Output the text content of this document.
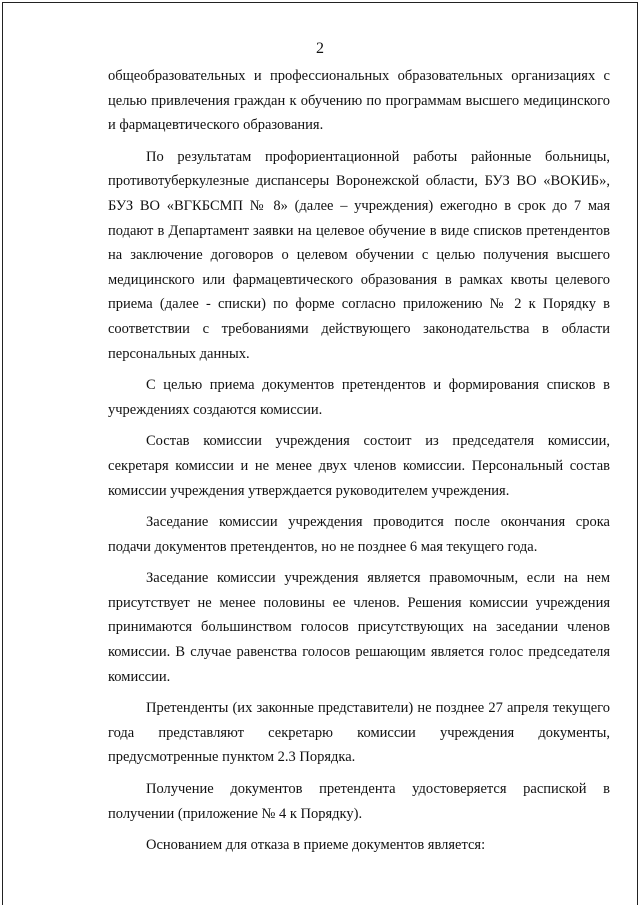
2

общеобразовательных и профессиональных образовательных организациях с целью привлечения граждан к обучению по программам высшего медицинского и фармацевтического образования.

По результатам профориентационной работы районные больницы, противотуберкулезные диспансеры Воронежской области, БУЗ ВО «ВОКИБ», БУЗ ВО «ВГКБСМП № 8» (далее – учреждения) ежегодно в срок до 7 мая подают в Департамент заявки на целевое обучение в виде списков претендентов на заключение договоров о целевом обучении с целью получения высшего медицинского или фармацевтического образования в рамках квоты целевого приема (далее - списки) по форме согласно приложению № 2 к Порядку в соответствии с требованиями действующего законодательства в области персональных данных.

С целью приема документов претендентов и формирования списков в учреждениях создаются комиссии.

Состав комиссии учреждения состоит из председателя комиссии, секретаря комиссии и не менее двух членов комиссии. Персональный состав комиссии учреждения утверждается руководителем учреждения.

Заседание комиссии учреждения проводится после окончания срока подачи документов претендентов, но не позднее 6 мая текущего года.

Заседание комиссии учреждения является правомочным, если на нем присутствует не менее половины ее членов. Решения комиссии учреждения принимаются большинством голосов присутствующих на заседании членов комиссии. В случае равенства голосов решающим является голос председателя комиссии.

Претенденты (их законные представители) не позднее 27 апреля текущего года представляют секретарю комиссии учреждения документы, предусмотренные пунктом 2.3 Порядка.

Получение документов претендента удостоверяется распиской в получении (приложение № 4 к Порядку).

Основанием для отказа в приеме документов является:
